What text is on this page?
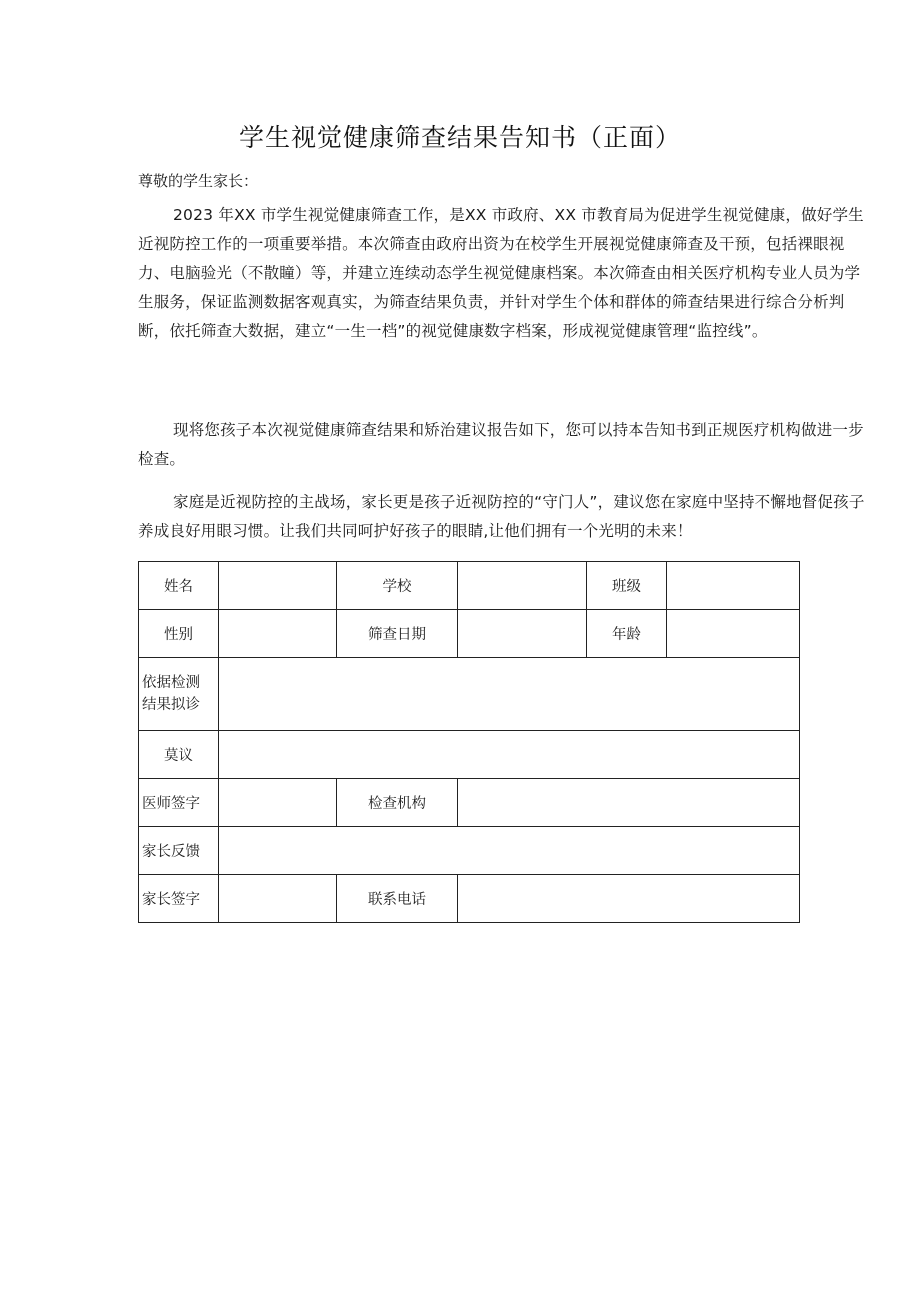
学生视觉健康筛查结果告知书（正面）
尊敬的学生家长：

2023 年XX 市学生视觉健康筛查工作，是XX 市政府、XX 市教育局为促进学生视觉健康，做好学生近视防控工作的一项重要举措。本次筛查由政府出资为在校学生开展视觉健康筛查及干预，包括裸眼视力、电脑验光（不散瞳）等，并建立连续动态学生视觉健康档案。本次筛查由相关医疗机构专业人员为学生服务，保证监测数据客观真实，为筛查结果负责，并针对学生个体和群体的筛查结果进行综合分析判断，依托筛查大数据，建立“一生一档”的视觉健康数字档案，形成视觉健康管理“监控线”。

现将您孩子本次视觉健康筛查结果和矫治建议报告如下，您可以持本告知书到正规医疗机构做进一步检查。

家庭是近视防控的主战场，家长更是孩子近视防控的“守门人”，建议您在家庭中坚持不懈地督促孩子养成良好用眼习惯。让我们共同呵护好孩子的眼睛,让他们拥有一个光明的未来！

姓名		学校		班级	
性别		筛查日期		年龄	
依据检测结果拟诊					
莫议					
医师签字		检查机构			
家长反馈					
家长签字		联系电话			
